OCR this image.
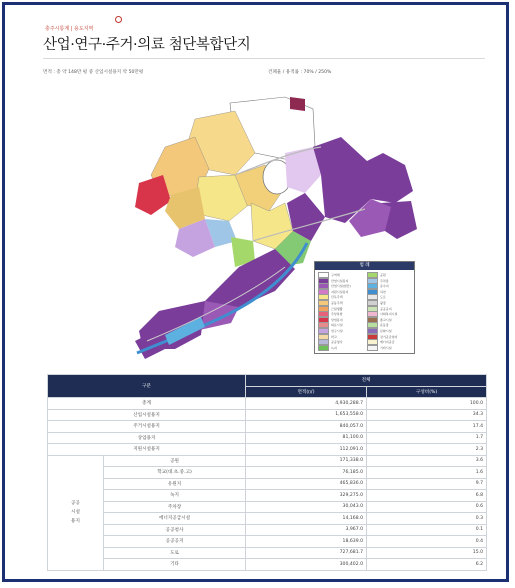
충주시통계 | 용도지역
산업·연구·주거·의료 첨단복합단지
면적 : 총 약 148만 평 중 산업시설용지 약 50만평	건폐율 / 용적률 : 70% / 250%
범 례
구역계
산업시설용지
산업시설(첨단)
지원시설용지
단독주택
공동주택
근린생활
주상복합
상업용지
의료시설
연구시설
학교
공공청사
녹지
공원
주차장
유수지
하천
도로
광장
공공공지
사회복지시설
종교시설
운동장
문화시설
전기공급설비
에너지공급
기타시설
구분		전체	
		면적(㎡)	구성비(%)
총계		4,930,288.7	100.0
산업시설용지		1,653,558.0	34.3
주거시설용지		840,057.0	17.4
상업용지		81,100.0	1.7
지원시설용지		112,091.0	2.3

공공
시설
용지	공원	171,338.0	3.6
	학교(대.초.중.고)	76,185.0	1.6
	유원지	465,836.0	9.7
	녹지	329,275.0	6.8
	주차장	30,043.0	0.6
	에너지공급시설	14,168.0	0.3
	공공청사	3,967.0	0.1
	공공공지	18,639.0	0.4
	도로	727,681.7	15.0
	기타	300,402.0	6.2
